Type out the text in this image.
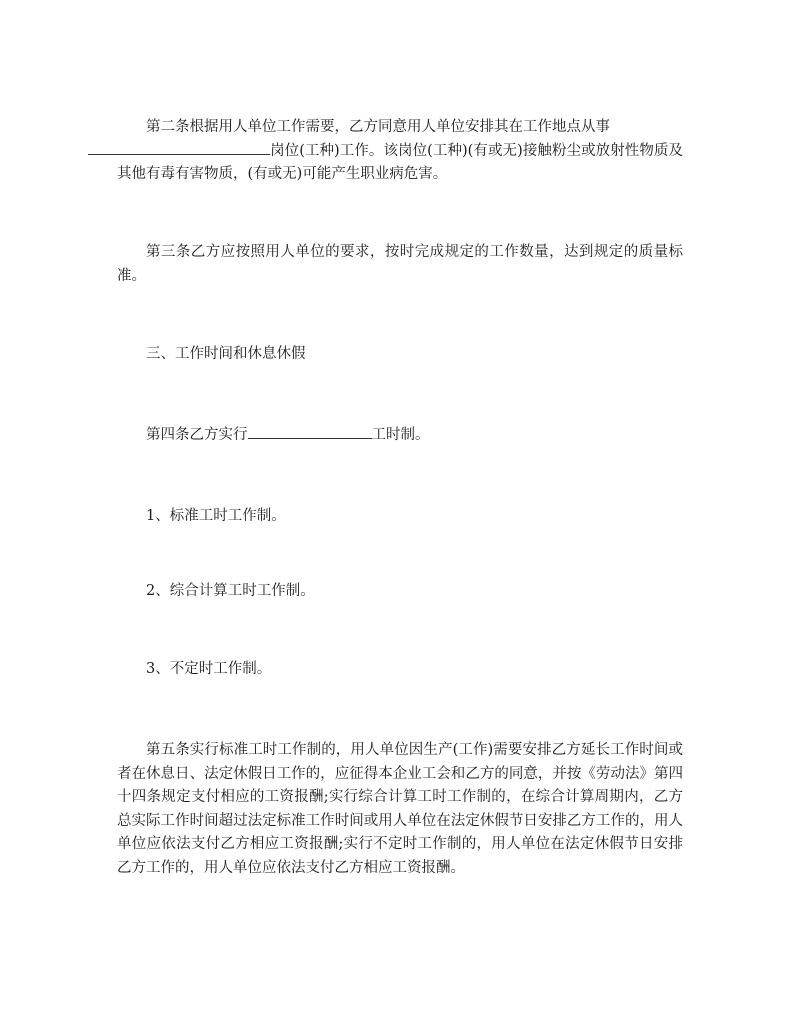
第二条根据用人单位工作需要，乙方同意用人单位安排其在工作地点从事
岗位(工种)工作。该岗位(工种)(有或无)接触粉尘或放射性物质及其他有毒有害物质，(有或无)可能产生职业病危害。

第三条乙方应按照用人单位的要求，按时完成规定的工作数量，达到规定的质量标准。

三、工作时间和休息休假

第四条乙方实行	工时制。

1、标准工时工作制。

2、综合计算工时工作制。

3、不定时工作制。

第五条实行标准工时工作制的，用人单位因生产(工作)需要安排乙方延长工作时间或者在休息日、法定休假日工作的，应征得本企业工会和乙方的同意，并按《劳动法》第四十四条规定支付相应的工资报酬;实行综合计算工时工作制的，在综合计算周期内，乙方总实际工作时间超过法定标准工作时间或用人单位在法定休假节日安排乙方工作的，用人单位应依法支付乙方相应工资报酬;实行不定时工作制的，用人单位在法定休假节日安排乙方工作的，用人单位应依法支付乙方相应工资报酬。
